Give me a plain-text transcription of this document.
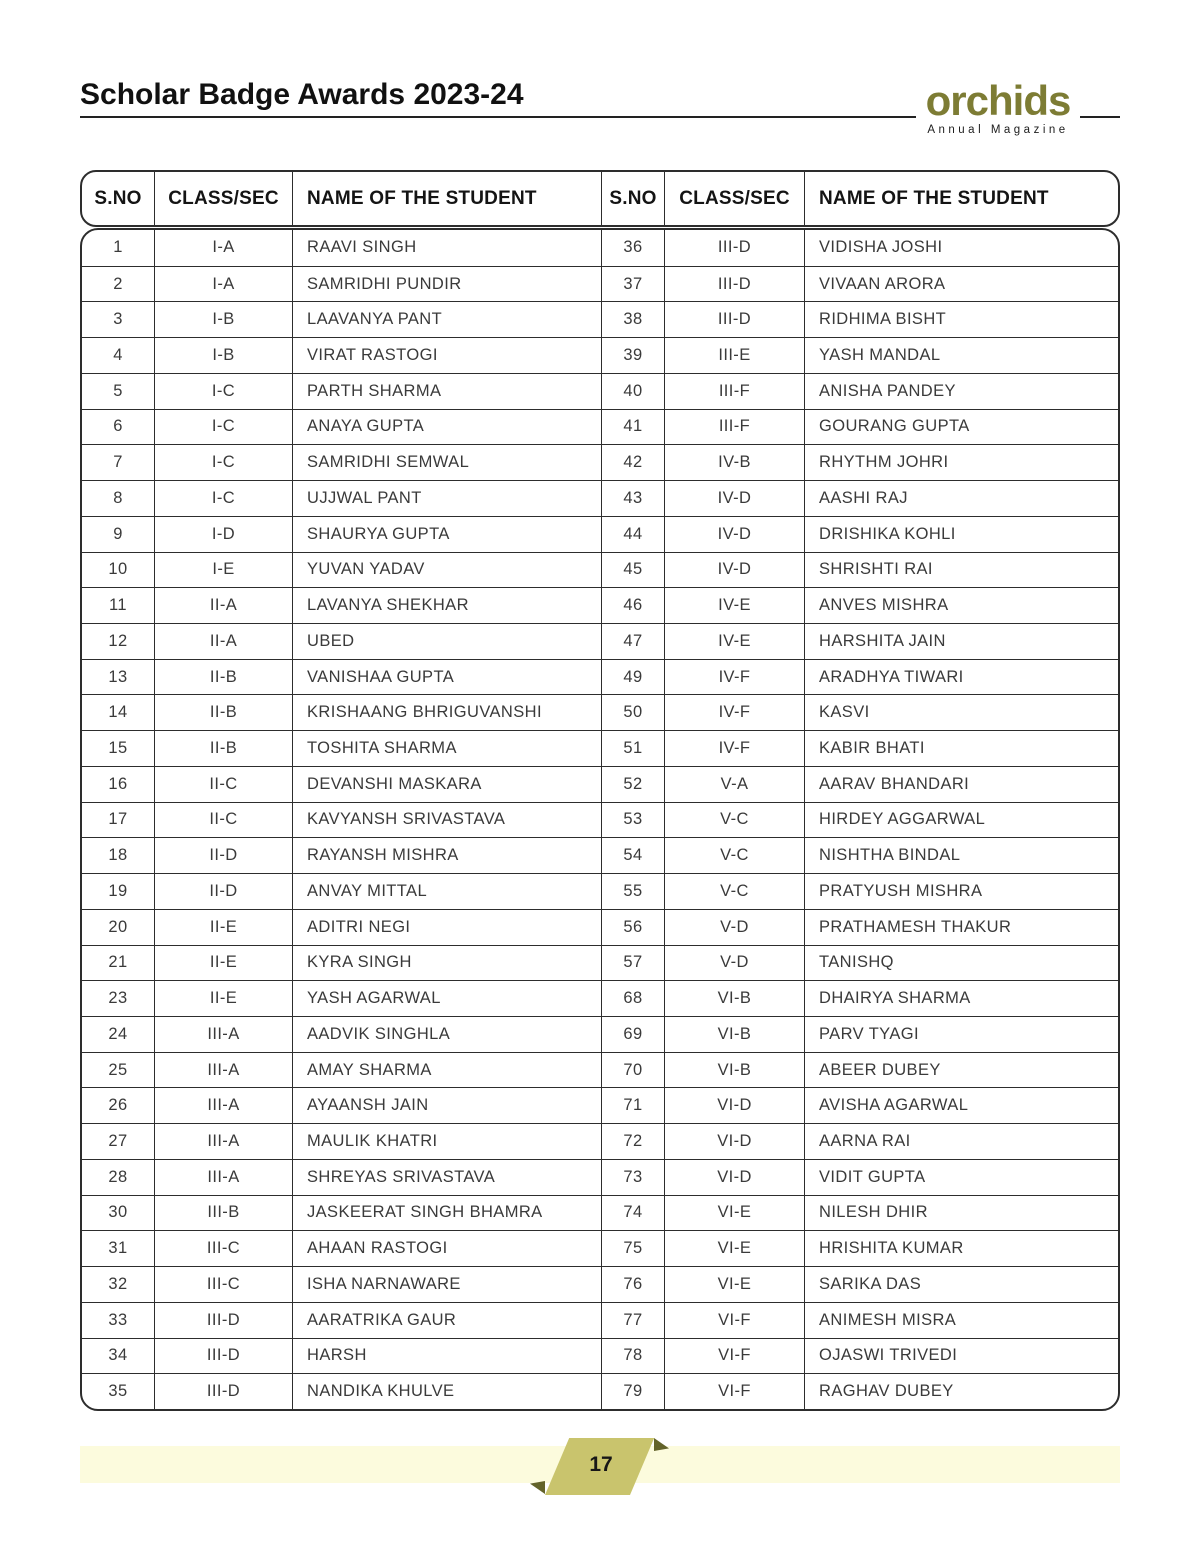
Scholar Badge Awards 2023-24	orchids
Annual Magazine
S.NO	CLASS/SEC	NAME OF THE STUDENT	S.NO	CLASS/SEC	NAME OF THE STUDENT
1	I-A	RAAVI SINGH	36	III-D	VIDISHA JOSHI
2	I-A	SAMRIDHI PUNDIR	37	III-D	VIVAAN ARORA
3	I-B	LAAVANYA PANT	38	III-D	RIDHIMA BISHT
4	I-B	VIRAT RASTOGI	39	III-E	YASH MANDAL
5	I-C	PARTH SHARMA	40	III-F	ANISHA PANDEY
6	I-C	ANAYA GUPTA	41	III-F	GOURANG GUPTA
7	I-C	SAMRIDHI SEMWAL	42	IV-B	RHYTHM JOHRI
8	I-C	UJJWAL PANT	43	IV-D	AASHI RAJ
9	I-D	SHAURYA GUPTA	44	IV-D	DRISHIKA KOHLI
10	I-E	YUVAN YADAV	45	IV-D	SHRISHTI RAI
11	II-A	LAVANYA SHEKHAR	46	IV-E	ANVES MISHRA
12	II-A	UBED	47	IV-E	HARSHITA JAIN
13	II-B	VANISHAA GUPTA	49	IV-F	ARADHYA TIWARI
14	II-B	KRISHAANG BHRIGUVANSHI	50	IV-F	KASVI
15	II-B	TOSHITA SHARMA	51	IV-F	KABIR BHATI
16	II-C	DEVANSHI MASKARA	52	V-A	AARAV BHANDARI
17	II-C	KAVYANSH SRIVASTAVA	53	V-C	HIRDEY AGGARWAL
18	II-D	RAYANSH MISHRA	54	V-C	NISHTHA BINDAL
19	II-D	ANVAY MITTAL	55	V-C	PRATYUSH MISHRA
20	II-E	ADITRI NEGI	56	V-D	PRATHAMESH THAKUR
21	II-E	KYRA SINGH	57	V-D	TANISHQ
23	II-E	YASH AGARWAL	68	VI-B	DHAIRYA SHARMA
24	III-A	AADVIK SINGHLA	69	VI-B	PARV TYAGI
25	III-A	AMAY SHARMA	70	VI-B	ABEER DUBEY
26	III-A	AYAANSH JAIN	71	VI-D	AVISHA AGARWAL
27	III-A	MAULIK KHATRI	72	VI-D	AARNA RAI
28	III-A	SHREYAS SRIVASTAVA	73	VI-D	VIDIT GUPTA
30	III-B	JASKEERAT SINGH BHAMRA	74	VI-E	NILESH DHIR
31	III-C	AHAAN RASTOGI	75	VI-E	HRISHITA KUMAR
32	III-C	ISHA NARNAWARE	76	VI-E	SARIKA DAS
33	III-D	AARATRIKA GAUR	77	VI-F	ANIMESH MISRA
34	III-D	HARSH	78	VI-F	OJASWI TRIVEDI
35	III-D	NANDIKA KHULVE	79	VI-F	RAGHAV DUBEY
17
